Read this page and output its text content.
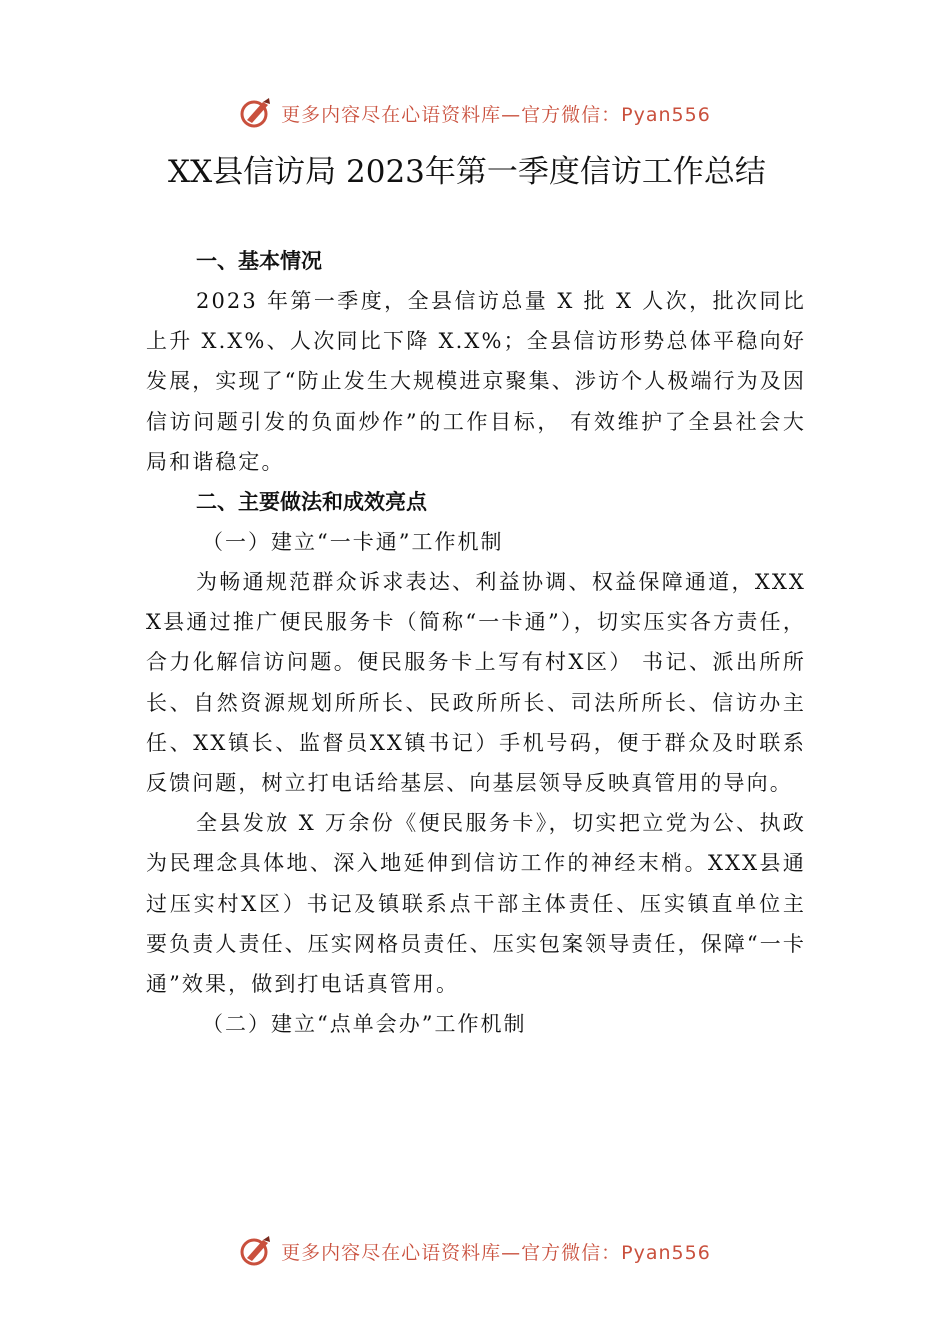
更多内容尽在心语资料库—官方微信：Pyan556
XX县信访局 2023年第一季度信访工作总结

一、基本情况

2023 年第一季度，全县信访总量 X 批 X 人次，批次同比上升 X.X%、人次同比下降 X.X%；全县信访形势总体平稳向好发展，实现了“防止发生大规模进京聚集、涉访个人极端行为及因信访问题引发的负面炒作”的工作目标， 有效维护了全县社会大局和谐稳定。

二、主要做法和成效亮点

（一）建立“一卡通”工作机制

为畅通规范群众诉求表达、利益协调、权益保障通道，XXXX县通过推广便民服务卡（简称“一卡通”），切实压实各方责任，合力化解信访问题。便民服务卡上写有村X区） 书记、派出所所长、自然资源规划所所长、民政所所长、司法所所长、信访办主任、XX镇长、监督员XX镇书记）手机号码，便于群众及时联系反馈问题，树立打电话给基层、向基层领导反映真管用的导向。

全县发放 X 万余份《便民服务卡》，切实把立党为公、执政为民理念具体地、深入地延伸到信访工作的神经末梢。XXX县通过压实村X区）书记及镇联系点干部主体责任、压实镇直单位主要负责人责任、压实网格员责任、压实包案领导责任，保障“一卡通”效果，做到打电话真管用。

（二）建立“点单会办”工作机制

更多内容尽在心语资料库—官方微信：Pyan556
